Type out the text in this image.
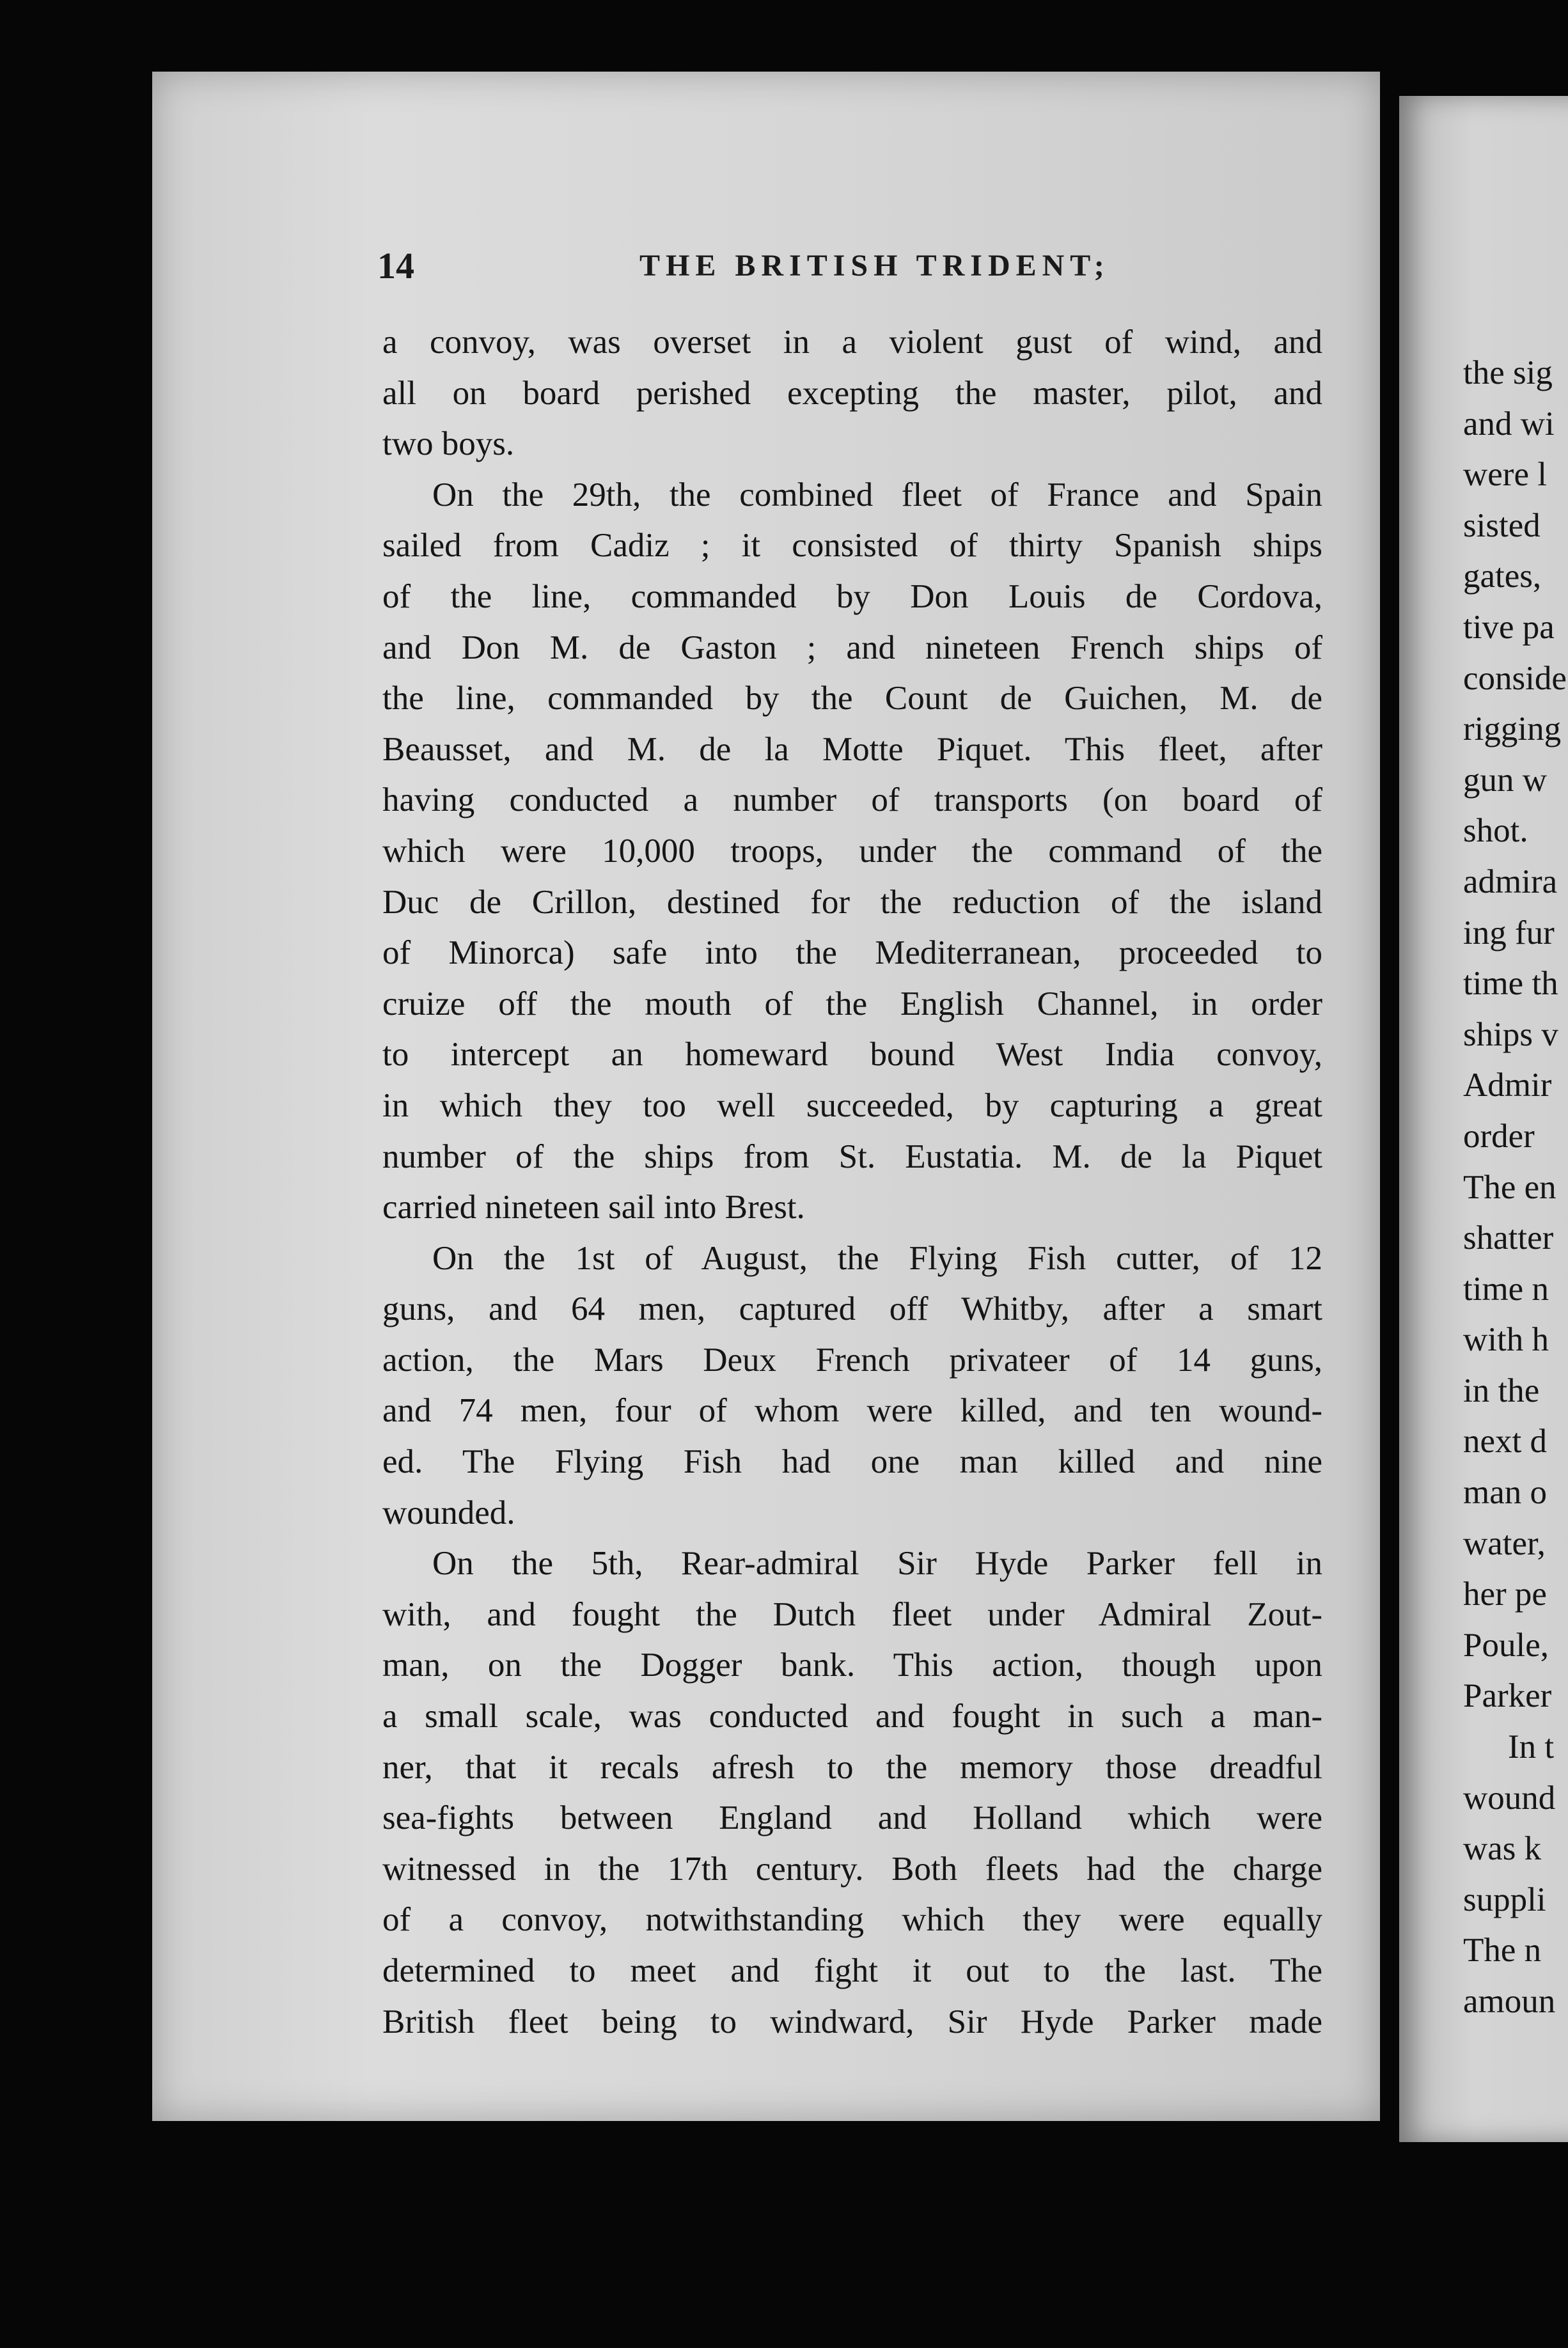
14	THE BRITISH TRIDENT;
a convoy, was overset in a violent gust of wind, and
all on board perished excepting the master, pilot, and
two boys.
On the 29th, the combined fleet of France and Spain
sailed from Cadiz ; it consisted of thirty Spanish ships
of the line, commanded by Don Louis de Cordova,
and Don M. de Gaston ; and nineteen French ships of
the line, commanded by the Count de Guichen, M. de
Beausset, and M. de la Motte Piquet. This fleet, after
having conducted a number of transports (on board of
which were 10,000 troops, under the command of the
Duc de Crillon, destined for the reduction of the island
of Minorca) safe into the Mediterranean, proceeded to
cruize off the mouth of the English Channel, in order
to intercept an homeward bound West India convoy,
in which they too well succeeded, by capturing a great
number of the ships from St. Eustatia. M. de la Piquet
carried nineteen sail into Brest.
On the 1st of August, the Flying Fish cutter, of 12
guns, and 64 men, captured off Whitby, after a smart
action, the Mars Deux French privateer of 14 guns,
and 74 men, four of whom were killed, and ten wound-
ed. The Flying Fish had one man killed and nine
wounded.
On the 5th, Rear-admiral Sir Hyde Parker fell in
with, and fought the Dutch fleet under Admiral Zout-
man, on the Dogger bank. This action, though upon
a small scale, was conducted and fought in such a man-
ner, that it recals afresh to the memory those dreadful
sea-fights between England and Holland which were
witnessed in the 17th century. Both fleets had the charge
of a convoy, notwithstanding which they were equally
determined to meet and fight it out to the last. The
British fleet being to windward, Sir Hyde Parker made
the sig
and wi
were l
sisted
gates,
tive pa
conside
rigging
gun w
shot.
admira
ing fur
time th
ships v
Admir
order
The en
shatter
time n
with h
in the
next d
man o
water,
her pe
Poule,
Parker
In t
wound
was k
suppli
The n
amoun
